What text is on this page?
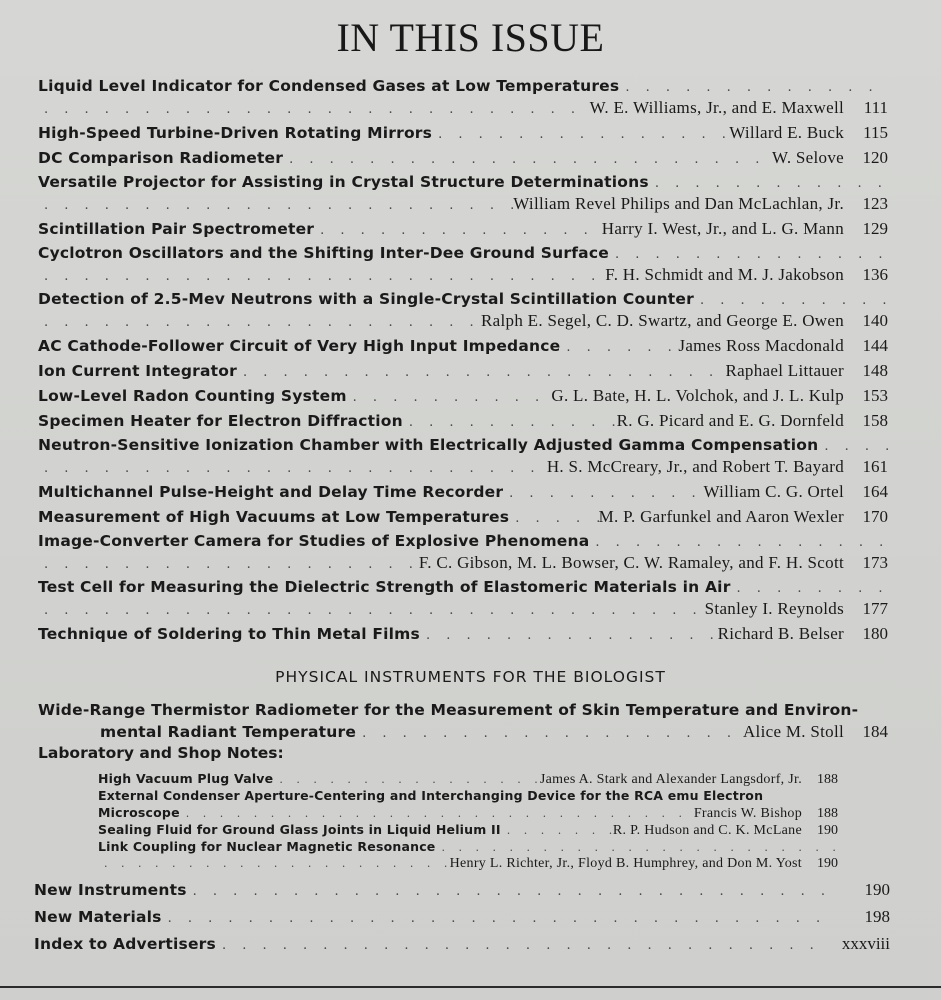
IN THIS ISSUE
Liquid Level Indicator for Condensed Gases at Low Temperatures
. . .
. . .
W. E. Williams, Jr., and E. Maxwell	111
High-Speed Turbine-Driven Rotating Mirrors . . .	Willard E. Buck	115
DC Comparison Radiometer . . .	W. Selove	120
Versatile Projector for Assisting in Crystal Structure Determinations
. . .
. . .
William Revel Philips and Dan McLachlan, Jr.	123
Scintillation Pair Spectrometer . . .	Harry I. West, Jr., and L. G. Mann	129
Cyclotron Oscillators and the Shifting Inter-Dee Ground Surface
. . .
. . .
F. H. Schmidt and M. J. Jakobson	136
Detection of 2.5-Mev Neutrons with a Single-Crystal Scintillation Counter
. . .
. . .
Ralph E. Segel, C. D. Swartz, and George E. Owen	140
AC Cathode-Follower Circuit of Very High Input Impedance . . .	James Ross Macdonald	144
Ion Current Integrator . . .	Raphael Littauer	148
Low-Level Radon Counting System . . .	G. L. Bate, H. L. Volchok, and J. L. Kulp	153
Specimen Heater for Electron Diffraction . . .	R. G. Picard and E. G. Dornfeld	158
Neutron-Sensitive Ionization Chamber with Electrically Adjusted Gamma Compensation
. . .
. . .
H. S. McCreary, Jr., and Robert T. Bayard	161
Multichannel Pulse-Height and Delay Time Recorder . . .	William C. G. Ortel	164
Measurement of High Vacuums at Low Temperatures . . .	M. P. Garfunkel and Aaron Wexler	170
Image-Converter Camera for Studies of Explosive Phenomena
. . .
. . .
F. C. Gibson, M. L. Bowser, C. W. Ramaley, and F. H. Scott	173
Test Cell for Measuring the Dielectric Strength of Elastomeric Materials in Air
. . .
. . .
Stanley I. Reynolds	177
Technique of Soldering to Thin Metal Films . . .	Richard B. Belser	180
PHYSICAL INSTRUMENTS FOR THE BIOLOGIST
Wide-Range Thermistor Radiometer for the Measurement of Skin Temperature and Environ-
mental Radiant Temperature . . .	Alice M. Stoll	184
Laboratory and Shop Notes:
High Vacuum Plug Valve . . .	James A. Stark and Alexander Langsdorf, Jr.	188
External Condenser Aperture-Centering and Interchanging Device for the RCA emu Electron
Microscope . . .	Francis W. Bishop	188
Sealing Fluid for Ground Glass Joints in Liquid Helium II . . .	R. P. Hudson and C. K. McLane	190
Link Coupling for Nuclear Magnetic Resonance
. . .
. . .
Henry L. Richter, Jr., Floyd B. Humphrey, and Don M. Yost	190
New Instruments . . .	190
New Materials . . .	198
Index to Advertisers . . .	xxxviii
